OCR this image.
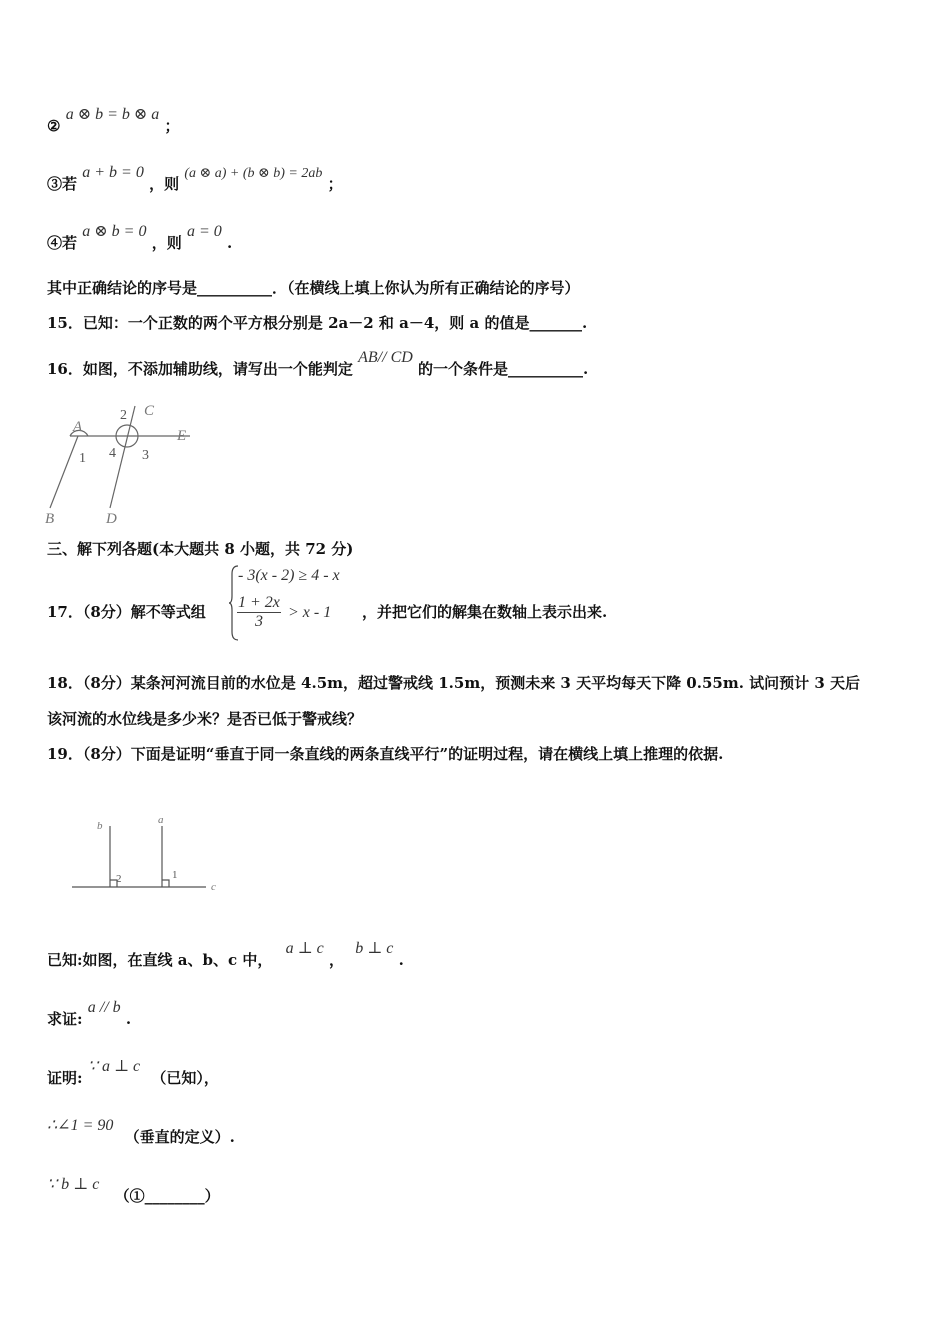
② a ⊗ b = b ⊗ a ；
③若 a + b = 0 ，则 (a ⊗ a) + (b ⊗ b) = 2ab ；
④若 a ⊗ b = 0 ，则 a = 0 .
其中正确结论的序号是__________．（在横线上填上你认为所有正确结论的序号）
15．已知：一个正数的两个平方根分别是 2a－2 和 a－4，则 a 的值是_______.
16．如图，不添加辅助线，请写出一个能判定 AB// CD 的一个条件是__________.
A
B
C
D
E
1
2
3
4
三、解下列各题(本大题共 8 小题，共 72 分)
17．（8分）解不等式组
- 3(x - 2) ≥ 4 - x
$\frac{1 + 2x}{3} > x - 1$ ，并把它们的解集在数轴上表示出来.
18．（8分）某条河河流目前的水位是 4.5m，超过警戒线 1.5m，预测未来 3 天平均每天下降 0.55m. 试问预计 3 天后
该河流的水位线是多少米？是否已低于警戒线？
19．（8分）下面是证明“垂直于同一条直线的两条直线平行”的证明过程，请在横线上填上推理的依据.
b	a
c
2	1
已知:如图，在直线 a、b、c 中， a ⊥ c ， b ⊥ c .
求证: a // b .
证明: ∵ a ⊥ c （已知），
∴∠1 = 90 （垂直的定义）.
∵ b ⊥ c （①________）
